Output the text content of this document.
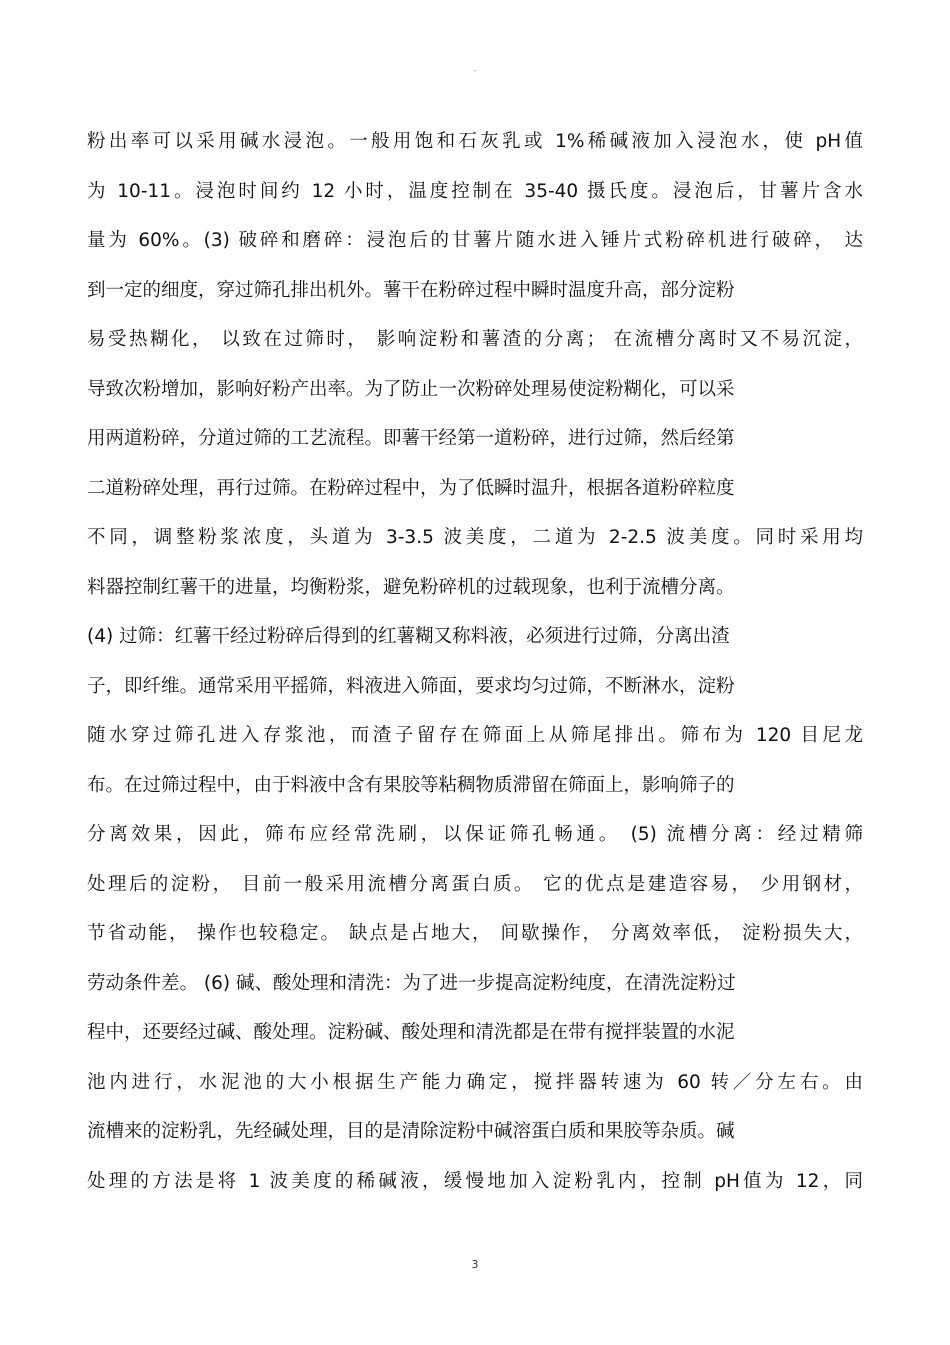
-
粉出率可以采用碱水浸泡。一般用饱和石灰乳或 1%稀碱液加入浸泡水，使 pH值
为 10-11。浸泡时间约 12 小时，温度控制在 35-40 摄氏度。浸泡后，甘薯片含水
量为 60%。(3) 破碎和磨碎：浸泡后的甘薯片随水进入锤片式粉碎机进行破碎， 达
到一定的细度，穿过筛孔排出机外。薯干在粉碎过程中瞬时温度升高，部分淀粉
易受热糊化， 以致在过筛时， 影响淀粉和薯渣的分离； 在流槽分离时又不易沉淀，
导致次粉增加，影响好粉产出率。为了防止一次粉碎处理易使淀粉糊化，可以采
用两道粉碎，分道过筛的工艺流程。即薯干经第一道粉碎，进行过筛，然后经第
二道粉碎处理，再行过筛。在粉碎过程中，为了低瞬时温升，根据各道粉碎粒度
不同，调整粉浆浓度，头道为 3-3.5 波美度，二道为 2-2.5 波美度。同时采用均
料器控制红薯干的进量，均衡粉浆，避免粉碎机的过载现象，也利于流槽分离。
(4) 过筛：红薯干经过粉碎后得到的红薯糊又称料液，必须进行过筛，分离出渣
子，即纤维。通常采用平摇筛，料液进入筛面，要求均匀过筛，不断淋水，淀粉
随水穿过筛孔进入存浆池，而渣子留存在筛面上从筛尾排出。筛布为 120 目尼龙
布。在过筛过程中，由于料液中含有果胶等粘稠物质滞留在筛面上，影响筛子的
分离效果，因此，筛布应经常洗刷，以保证筛孔畅通。 (5) 流槽分离：经过精筛
处理后的淀粉， 目前一般采用流槽分离蛋白质。 它的优点是建造容易， 少用钢材，
节省动能， 操作也较稳定。 缺点是占地大， 间歇操作， 分离效率低， 淀粉损失大，
劳动条件差。 (6) 碱、酸处理和清洗：为了进一步提高淀粉纯度，在清洗淀粉过
程中，还要经过碱、酸处理。淀粉碱、酸处理和清洗都是在带有搅拌装置的水泥
池内进行，水泥池的大小根据生产能力确定，搅拌器转速为 60 转／分左右。由
流槽来的淀粉乳，先经碱处理，目的是清除淀粉中碱溶蛋白质和果胶等杂质。碱
处理的方法是将 1 波美度的稀碱液，缓慢地加入淀粉乳内，控制 pH值为 12，同
3
